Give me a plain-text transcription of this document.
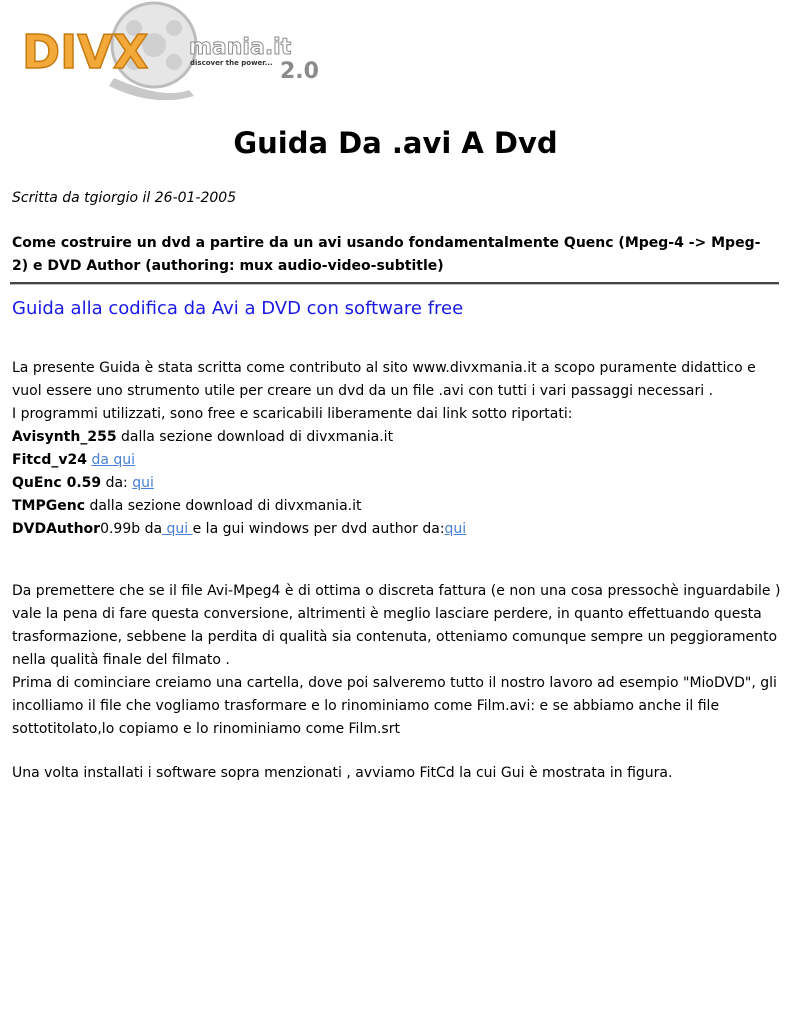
DIVX mania.it
discover the power... 2.0
Guida Da .avi A Dvd
Scritta da tgiorgio il 26-01-2005
Come costruire un dvd a partire da un avi usando fondamentalmente Quenc (Mpeg-4 -> Mpeg-2) e DVD Author (authoring: mux audio-video-subtitle)
Guida alla codifica da Avi a DVD con software free

La presente Guida è stata scritta come contributo al sito www.divxmania.it a scopo puramente didattico e vuol essere uno strumento utile per creare un dvd da un file .avi con tutti i vari passaggi necessari .

I programmi utilizzati, sono free e scaricabili liberamente dai link sotto riportati:

Avisynth_255 dalla sezione download di divxmania.it

Fitcd_v24 da qui

QuEnc 0.59 da: qui

TMPGenc dalla sezione download di divxmania.it

DVDAuthor0.99b da qui e la gui windows per dvd author da:qui

Da premettere che se il file Avi-Mpeg4 è di ottima o discreta fattura (e non una cosa pressochè inguardabile ) vale la pena di fare questa conversione, altrimenti è meglio lasciare perdere, in quanto effettuando questa trasformazione, sebbene la perdita di qualità sia contenuta, otteniamo comunque sempre un peggioramento nella qualità finale del filmato .

Prima di cominciare creiamo una cartella, dove poi salveremo tutto il nostro lavoro ad esempio "MioDVD", gli incolliamo il file che vogliamo trasformare e lo rinominiamo come Film.avi: e se abbiamo anche il file sottotitolato,lo copiamo e lo rinominiamo come Film.srt

Una volta installati i software sopra menzionati , avviamo FitCd la cui Gui è mostrata in figura.
